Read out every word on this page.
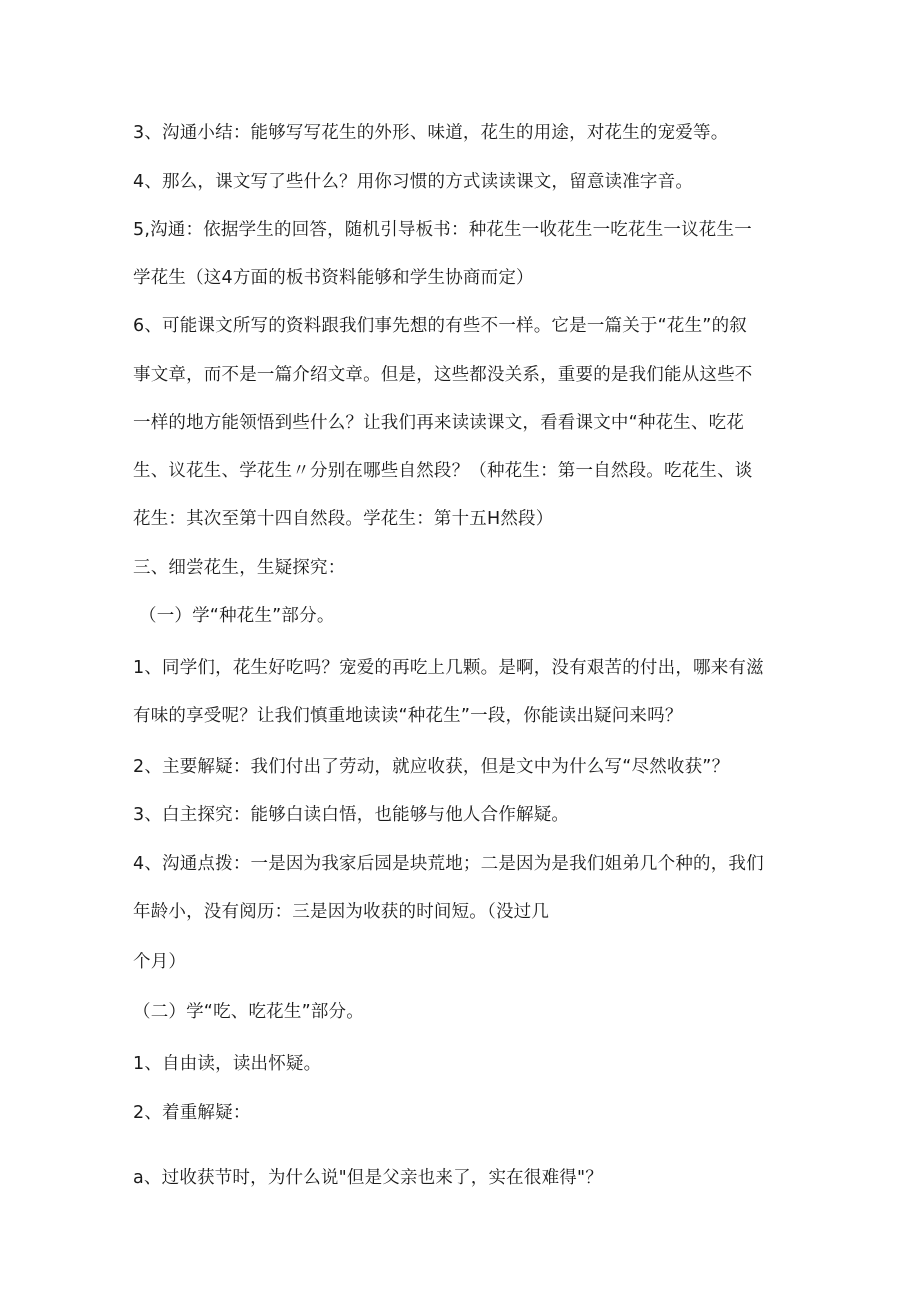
3、沟通小结：能够写写花生的外形、味道，花生的用途，对花生的宠爱等。
4、那么，课文写了些什么？用你习惯的方式读读课文，留意读准字音。
5,沟通：依据学生的回答，随机引导板书：种花生一收花生一吃花生一议花生一
学花生（这4方面的板书资料能够和学生协商而定）
6、可能课文所写的资料跟我们事先想的有些不一样。它是一篇关于“花生”的叙
事文章，而不是一篇介绍文章。但是，这些都没关系，重要的是我们能从这些不
一样的地方能领悟到些什么？让我们再来读读课文，看看课文中“种花生、吃花
生、议花生、学花生〃分别在哪些自然段？（种花生：第一自然段。吃花生、谈
花生：其次至第十四自然段。学花生：第十五H然段）
三、细尝花生，生疑探究：
（一）学“种花生”部分。
1、同学们，花生好吃吗？宠爱的再吃上几颗。是啊，没有艰苦的付出，哪来有滋
有味的享受呢？让我们慎重地读读“种花生”一段，你能读出疑问来吗？
2、主要解疑：我们付出了劳动，就应收获，但是文中为什么写“尽然收获”？
3、白主探究：能够白读白悟，也能够与他人合作解疑。
4、沟通点拨：一是因为我家后园是块荒地；二是因为是我们姐弟几个种的，我们
年龄小，没有阅历：三是因为收获的时间短。（没过几
个月）
（二）学“吃、吃花生”部分。
1、自由读，读出怀疑。
2、着重解疑：
a、过收获节时，为什么说"但是父亲也来了，实在很难得"？
